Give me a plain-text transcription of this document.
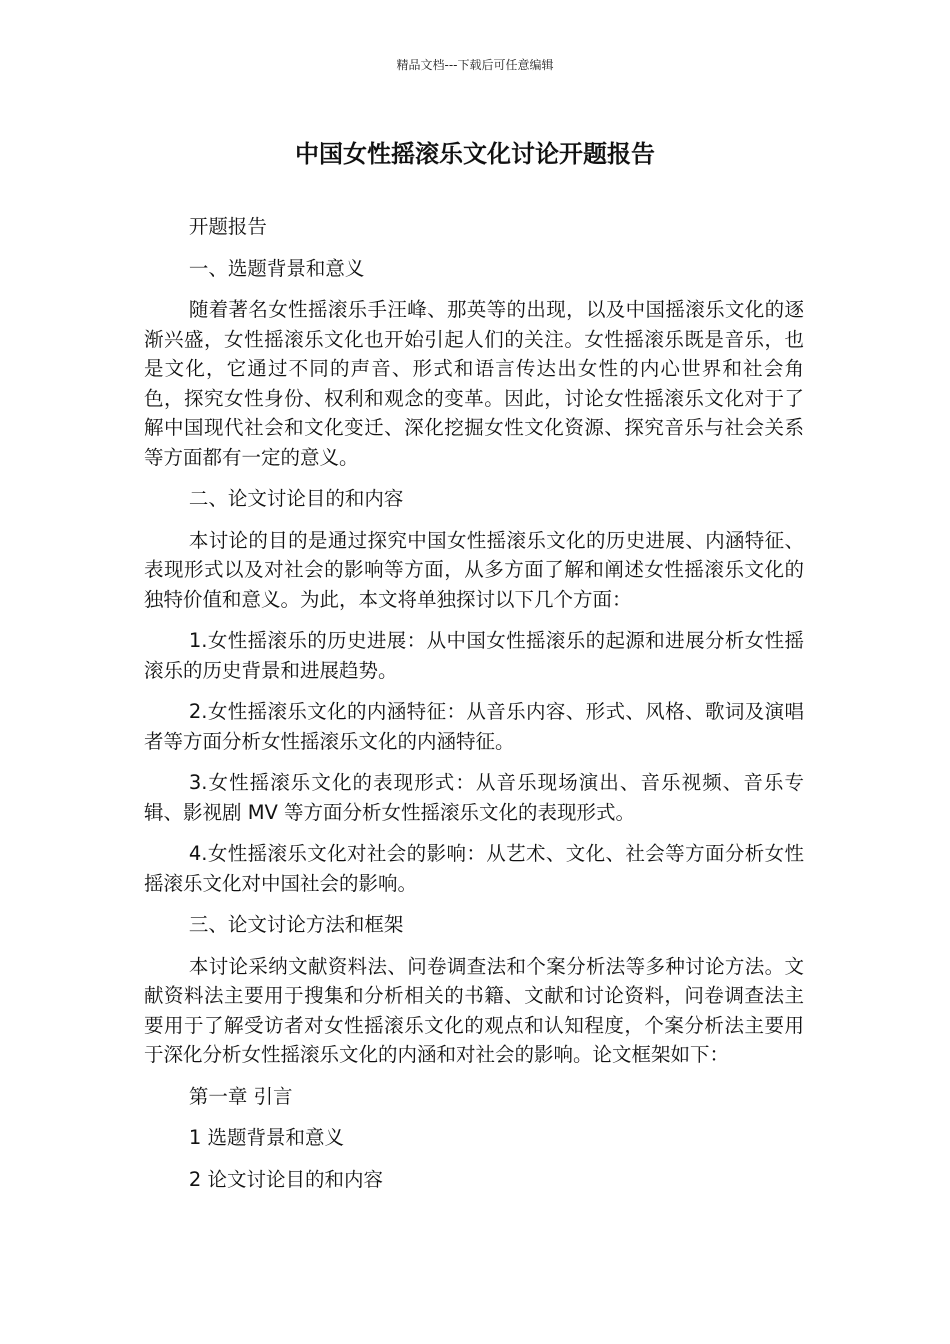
精品文档---下载后可任意编辑
中国女性摇滚乐文化讨论开题报告

开题报告

一、选题背景和意义

随着著名女性摇滚乐手汪峰、那英等的出现，以及中国摇滚乐文化的逐渐兴盛，女性摇滚乐文化也开始引起人们的关注。女性摇滚乐既是音乐，也是文化，它通过不同的声音、形式和语言传达出女性的内心世界和社会角色，探究女性身份、权利和观念的变革。因此，讨论女性摇滚乐文化对于了解中国现代社会和文化变迁、深化挖掘女性文化资源、探究音乐与社会关系等方面都有一定的意义。

二、论文讨论目的和内容

本讨论的目的是通过探究中国女性摇滚乐文化的历史进展、内涵特征、表现形式以及对社会的影响等方面，从多方面了解和阐述女性摇滚乐文化的独特价值和意义。为此，本文将单独探讨以下几个方面：

1.女性摇滚乐的历史进展：从中国女性摇滚乐的起源和进展分析女性摇滚乐的历史背景和进展趋势。

2.女性摇滚乐文化的内涵特征：从音乐内容、形式、风格、歌词及演唱者等方面分析女性摇滚乐文化的内涵特征。

3.女性摇滚乐文化的表现形式：从音乐现场演出、音乐视频、音乐专辑、影视剧 MV 等方面分析女性摇滚乐文化的表现形式。

4.女性摇滚乐文化对社会的影响：从艺术、文化、社会等方面分析女性摇滚乐文化对中国社会的影响。

三、论文讨论方法和框架

本讨论采纳文献资料法、问卷调查法和个案分析法等多种讨论方法。文献资料法主要用于搜集和分析相关的书籍、文献和讨论资料，问卷调查法主要用于了解受访者对女性摇滚乐文化的观点和认知程度，个案分析法主要用于深化分析女性摇滚乐文化的内涵和对社会的影响。论文框架如下：

第一章 引言

1 选题背景和意义

2 论文讨论目的和内容
